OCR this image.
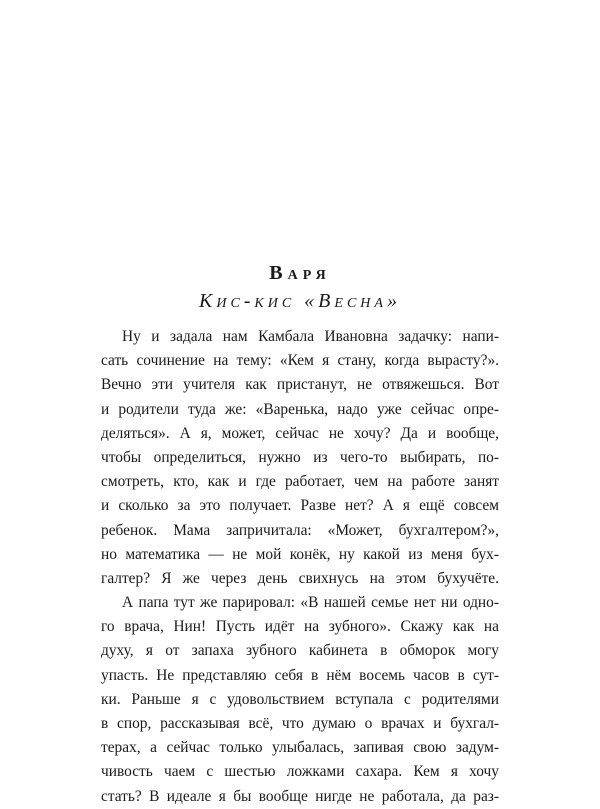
Варя
Кис-кис «Весна»
Ну и задала нам Камбала Ивановна задачку: напи-
сать сочинение на тему: «Кем я стану, когда вырасту?».
Вечно эти учителя как пристанут, не отвяжешься. Вот
и родители туда же: «Варенька, надо уже сейчас опре-
деляться». А я, может, сейчас не хочу? Да и вообще,
чтобы определиться, нужно из чего-то выбирать, по-
смотреть, кто, как и где работает, чем на работе занят
и сколько за это получает. Разве нет? А я ещё совсем
ребенок. Мама запричитала: «Может, бухгалтером?»,
но математика — не мой конёк, ну какой из меня бух-
галтер? Я же через день свихнусь на этом бухучёте.
А папа тут же парировал: «В нашей семье нет ни одно-
го врача, Нин! Пусть идёт на зубного». Скажу как на
духу, я от запаха зубного кабинета в обморок могу
упасть. Не представляю себя в нём восемь часов в сут-
ки. Раньше я с удовольствием вступала с родителями
в спор, рассказывая всё, что думаю о врачах и бухгал-
терах, а сейчас только улыбалась, запивая свою задум-
чивость чаем с шестью ложками сахара. Кем я хочу
стать? В идеале я бы вообще нигде не работала, да раз-
